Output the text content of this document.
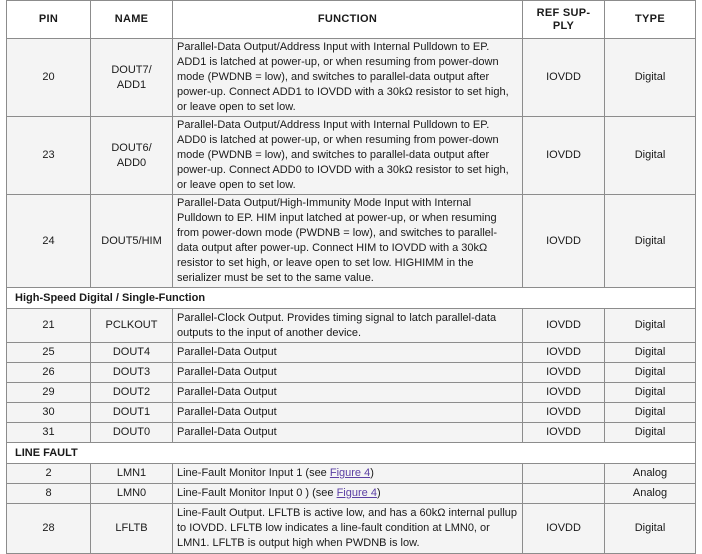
PIN	NAME	FUNCTION	REF SUP-PLY	TYPE
20	DOUT7/ ADD1	Parallel-Data Output/Address Input with Internal Pulldown to EP. ADD1 is latched at power-up, or when resuming from power-down mode (PWDNB = low), and switches to parallel-data output after power-up. Connect ADD1 to IOVDD with a 30kΩ resistor to set high, or leave open to set low.	IOVDD	Digital
23	DOUT6/ ADD0	Parallel-Data Output/Address Input with Internal Pulldown to EP. ADD0 is latched at power-up, or when resuming from power-down mode (PWDNB = low), and switches to parallel-data output after power-up. Connect ADD0 to IOVDD with a 30kΩ resistor to set high, or leave open to set low.	IOVDD	Digital
24	DOUT5/HIM	Parallel-Data Output/High-Immunity Mode Input with Internal Pulldown to EP. HIM input latched at power-up, or when resuming from power-down mode (PWDNB = low), and switches to parallel-data output after power-up. Connect HIM to IOVDD with a 30kΩ resistor to set high, or leave open to set low. HIGHIMM in the serializer must be set to the same value.	IOVDD	Digital
High-Speed Digital / Single-Function				
21	PCLKOUT	Parallel-Clock Output. Provides timing signal to latch parallel-data outputs to the input of another device.	IOVDD	Digital
25	DOUT4	Parallel-Data Output	IOVDD	Digital
26	DOUT3	Parallel-Data Output	IOVDD	Digital
29	DOUT2	Parallel-Data Output	IOVDD	Digital
30	DOUT1	Parallel-Data Output	IOVDD	Digital
31	DOUT0	Parallel-Data Output	IOVDD	Digital
LINE FAULT				
2	LMN1	Line-Fault Monitor Input 1 (see Figure 4)		Analog
8	LMN0	Line-Fault Monitor Input 0 ) (see Figure 4)		Analog
28	LFLTB	Line-Fault Output. LFLTB is active low, and has a 60kΩ internal pullup to IOVDD. LFLTB low indicates a line-fault condition at LMN0, or LMN1. LFLTB is output high when PWDNB is low.	IOVDD	Digital
